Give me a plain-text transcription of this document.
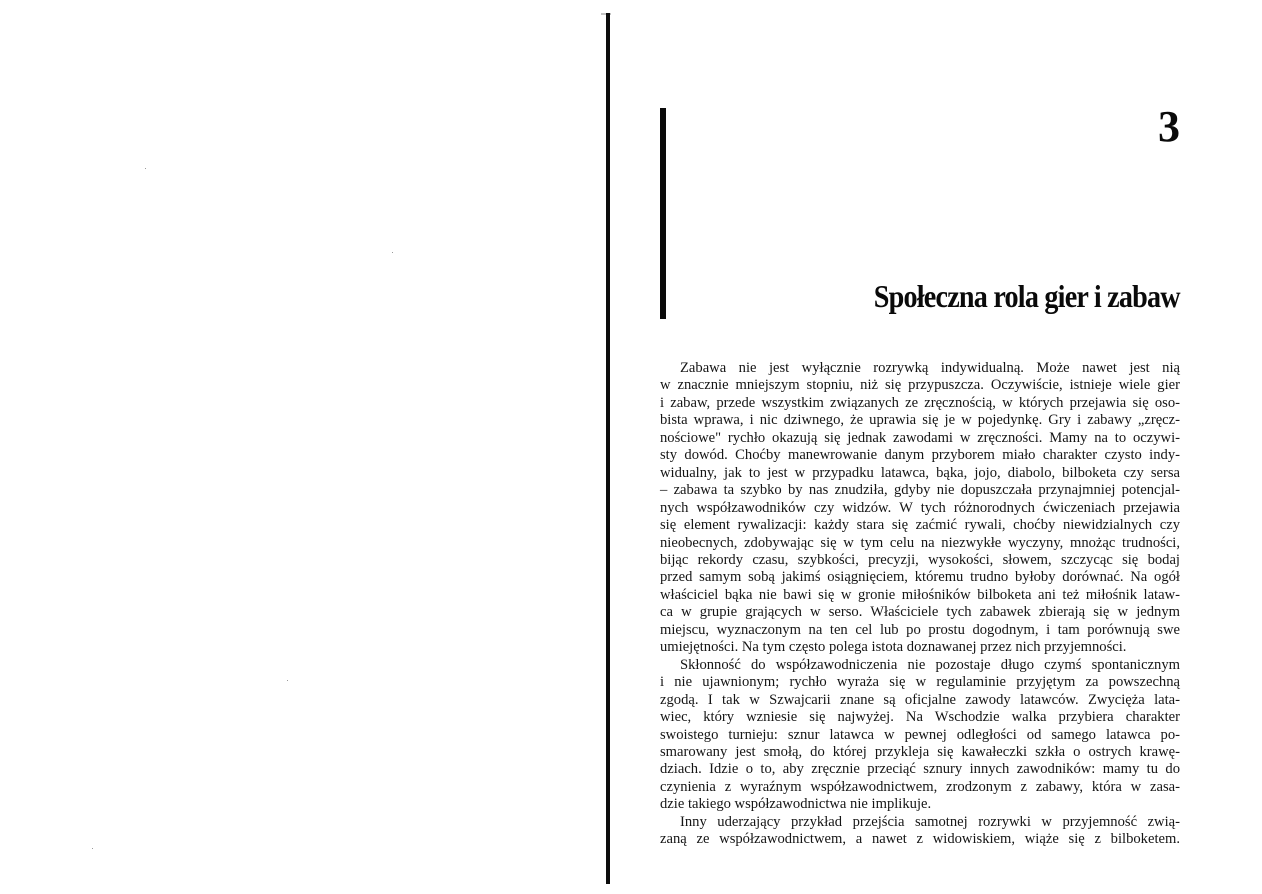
3
Społeczna rola gier i zabaw
Zabawa nie jest wyłącznie rozrywką indywidualną. Może nawet jest nią
w znacznie mniejszym stopniu, niż się przypuszcza. Oczywiście, istnieje wiele gier
i zabaw, przede wszystkim związanych ze zręcznością, w których przejawia się oso-
bista wprawa, i nic dziwnego, że uprawia się je w pojedynkę. Gry i zabawy „zręcz-
nościowe" rychło okazują się jednak zawodami w zręczności. Mamy na to oczywi-
sty dowód. Choćby manewrowanie danym przyborem miało charakter czysto indy-
widualny, jak to jest w przypadku latawca, bąka, jojo, diabolo, bilboketa czy sersa
– zabawa ta szybko by nas znudziła, gdyby nie dopuszczała przynajmniej potencjal-
nych współzawodników czy widzów. W tych różnorodnych ćwiczeniach przejawia
się element rywalizacji: każdy stara się zaćmić rywali, choćby niewidzialnych czy
nieobecnych, zdobywając się w tym celu na niezwykłe wyczyny, mnożąc trudności,
bijąc rekordy czasu, szybkości, precyzji, wysokości, słowem, szczycąc się bodaj
przed samym sobą jakimś osiągnięciem, któremu trudno byłoby dorównać. Na ogół
właściciel bąka nie bawi się w gronie miłośników bilboketa ani też miłośnik lataw-
ca w grupie grających w serso. Właściciele tych zabawek zbierają się w jednym
miejscu, wyznaczonym na ten cel lub po prostu dogodnym, i tam porównują swe
umiejętności. Na tym często polega istota doznawanej przez nich przyjemności.
Skłonność do współzawodniczenia nie pozostaje długo czymś spontanicznym
i nie ujawnionym; rychło wyraża się w regulaminie przyjętym za powszechną
zgodą. I tak w Szwajcarii znane są oficjalne zawody latawców. Zwycięża lata-
wiec, który wzniesie się najwyżej. Na Wschodzie walka przybiera charakter
swoistego turnieju: sznur latawca w pewnej odległości od samego latawca po-
smarowany jest smołą, do której przykleja się kawałeczki szkła o ostrych krawę-
dziach. Idzie o to, aby zręcznie przeciąć sznury innych zawodników: mamy tu do
czynienia z wyraźnym współzawodnictwem, zrodzonym z zabawy, która w zasa-
dzie takiego współzawodnictwa nie implikuje.
Inny uderzający przykład przejścia samotnej rozrywki w przyjemność zwią-
zaną ze współzawodnictwem, a nawet z widowiskiem, wiąże się z bilboketem.
